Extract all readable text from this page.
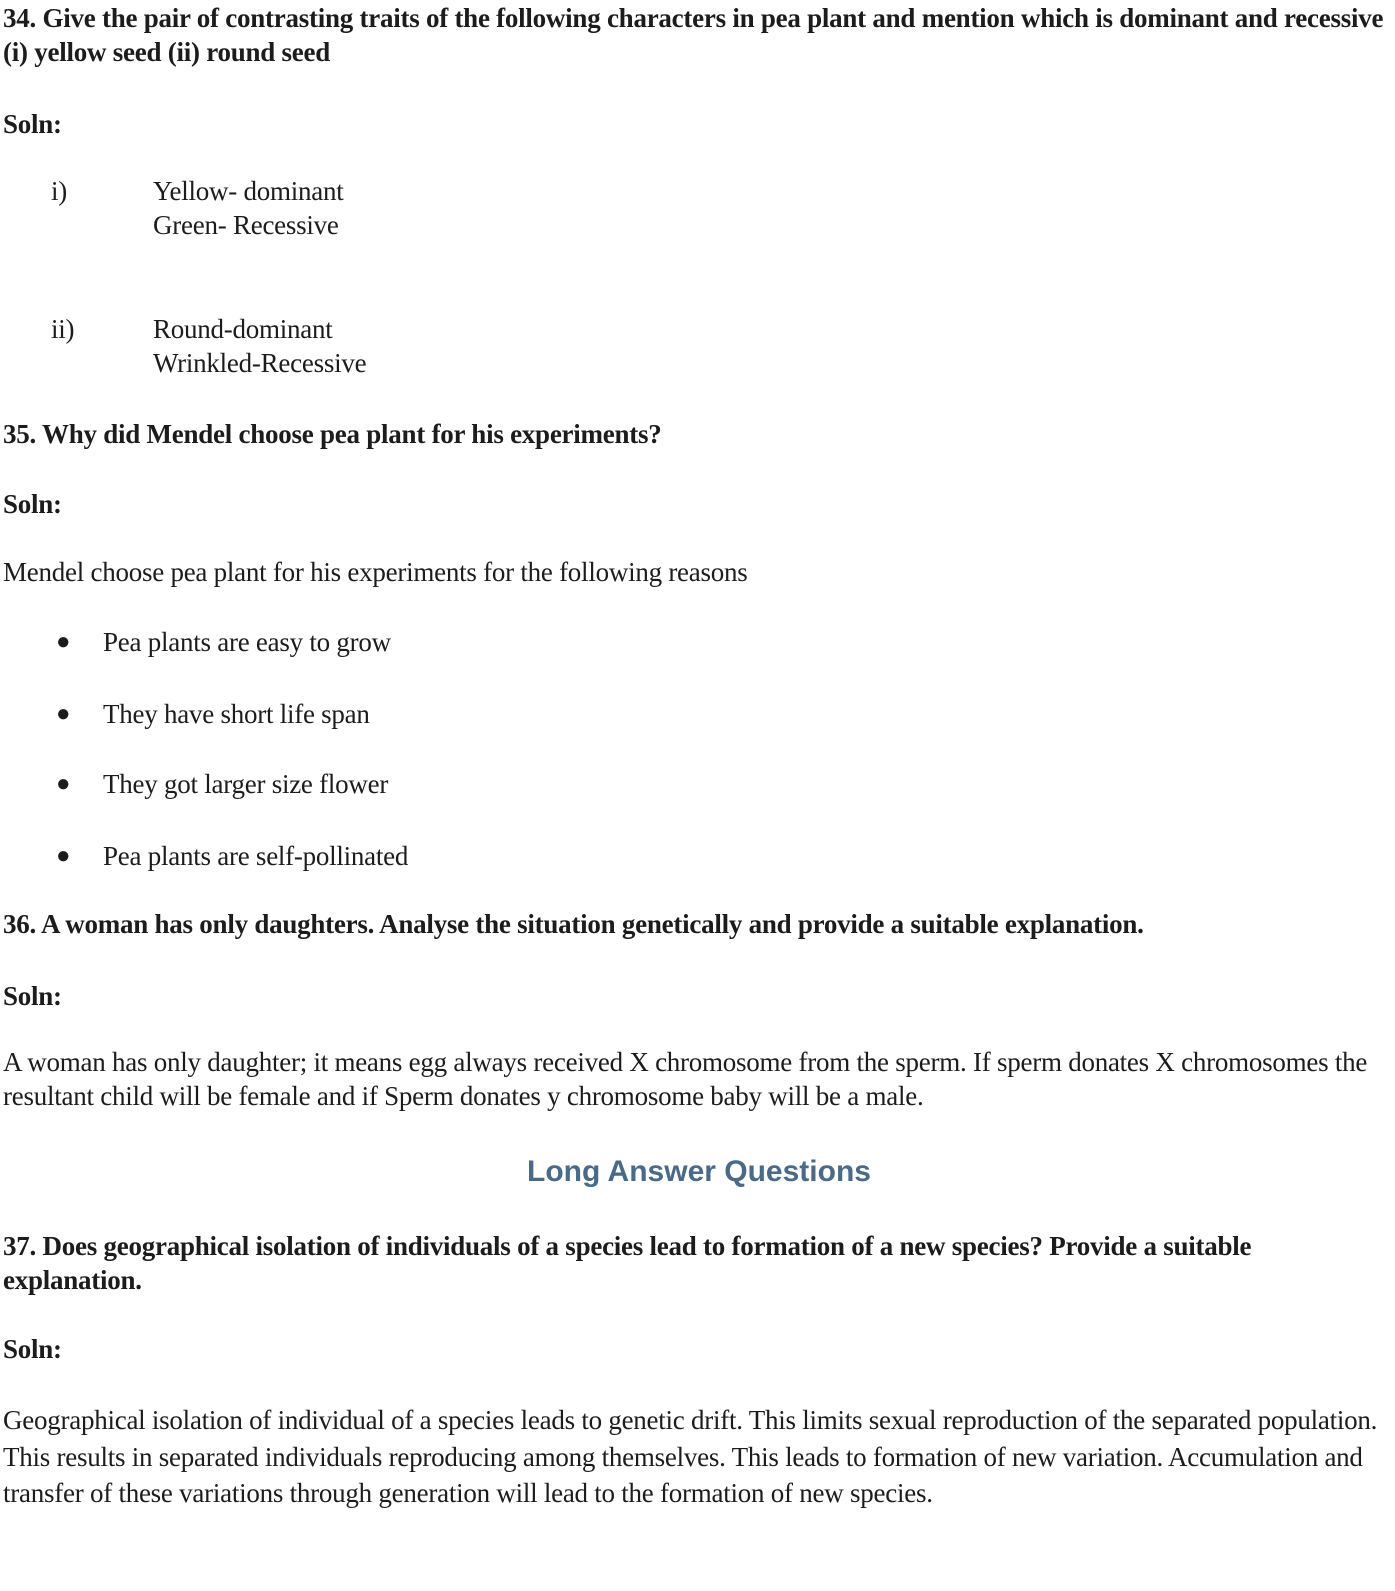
34. Give the pair of contrasting traits of the following characters in pea plant and mention which is dominant and recessive
(i) yellow seed (ii) round seed
Soln:
i)	Yellow- dominant
Green- Recessive
ii)	Round-dominant
Wrinkled-Recessive
35. Why did Mendel choose pea plant for his experiments?
Soln:
Mendel choose pea plant for his experiments for the following reasons
●	Pea plants are easy to grow
●	They have short life span
●	They got larger size flower
●	Pea plants are self-pollinated
36. A woman has only daughters. Analyse the situation genetically and provide a suitable explanation.
Soln:
A woman has only daughter; it means egg always received X chromosome from the sperm. If sperm donates X chromosomes the resultant child will be female and if Sperm donates y chromosome baby will be a male.
Long Answer Questions
37. Does geographical isolation of individuals of a species lead to formation of a new species? Provide a suitable explanation.
Soln:
Geographical isolation of individual of a species leads to genetic drift. This limits sexual reproduction of the separated population. This results in separated individuals reproducing among themselves. This leads to formation of new variation. Accumulation and transfer of these variations through generation will lead to the formation of new species.
